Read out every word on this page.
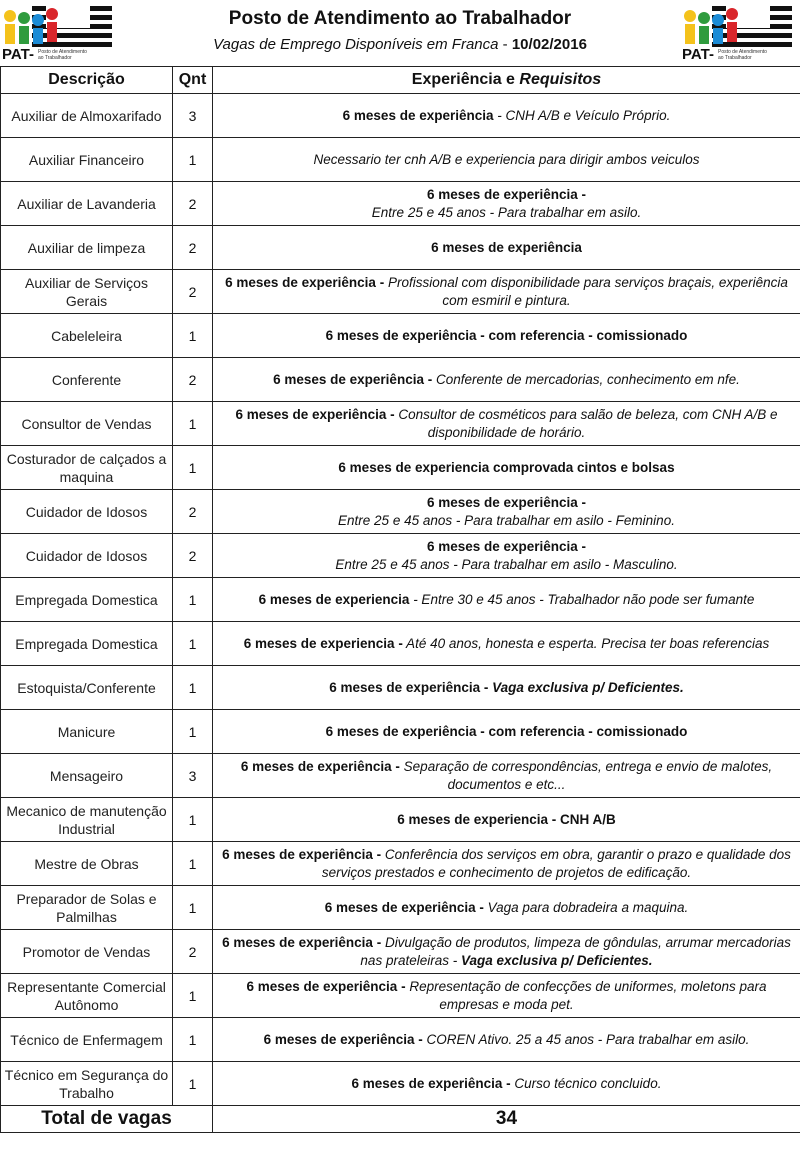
PAT- Posto de Atendimento ao Trabalhador
Posto de Atendimento ao Trabalhador
Vagas de Emprego Disponíveis em Franca - 10/02/2016
PAT- Posto de Atendimento ao Trabalhador
Descrição	Qnt	Experiência e Requisitos
Auxiliar de Almoxarifado	3	6 meses de experiência - CNH A/B e Veículo Próprio.
Auxiliar Financeiro	1	Necessario ter cnh A/B e experiencia para dirigir ambos veiculos
Auxiliar de Lavanderia	2	6 meses de experiência -
Entre 25 e 45 anos - Para trabalhar em asilo.
Auxiliar de limpeza	2	6 meses de experiência
Auxiliar de Serviços Gerais	2	6 meses de experiência - Profissional com disponibilidade para serviços braçais, experiência com esmiril e pintura.
Cabeleleira	1	6 meses de experiência - com referencia - comissionado
Conferente	2	6 meses de experiência - Conferente de mercadorias, conhecimento em nfe.
Consultor de Vendas	1	6 meses de experiência - Consultor de cosméticos para salão de beleza, com CNH A/B e disponibilidade de horário.
Costurador de calçados a maquina	1	6 meses de experiencia comprovada cintos e bolsas
Cuidador de Idosos	2	6 meses de experiência -
Entre 25 e 45 anos - Para trabalhar em asilo - Feminino.
Cuidador de Idosos	2	6 meses de experiência -
Entre 25 e 45 anos - Para trabalhar em asilo - Masculino.
Empregada Domestica	1	6 meses de experiencia - Entre 30 e 45 anos - Trabalhador não pode ser fumante
Empregada Domestica	1	6 meses de experiencia - Até 40 anos, honesta e esperta. Precisa ter boas referencias
Estoquista/Conferente	1	6 meses de experiência - Vaga exclusiva p/ Deficientes.
Manicure	1	6 meses de experiência - com referencia - comissionado
Mensageiro	3	6 meses de experiência - Separação de correspondências, entrega e envio de malotes, documentos e etc...
Mecanico de manutenção Industrial	1	6 meses de experiencia - CNH A/B
Mestre de Obras	1	6 meses de experiência - Conferência dos serviços em obra, garantir o prazo e qualidade dos serviços prestados e conhecimento de projetos de edificação.
Preparador de Solas e Palmilhas	1	6 meses de experiência - Vaga para dobradeira a maquina.
Promotor de Vendas	2	6 meses de experiência - Divulgação de produtos, limpeza de gôndulas, arrumar mercadorias nas prateleiras - Vaga exclusiva p/ Deficientes.
Representante Comercial Autônomo	1	6 meses de experiência - Representação de confecções de uniformes, moletons para empresas e moda pet.
Técnico de Enfermagem	1	6 meses de experiência - COREN Ativo. 25 a 45 anos - Para trabalhar em asilo.
Técnico em Segurança do Trabalho	1	6 meses de experiência - Curso técnico concluido.
Total de vagas		34
